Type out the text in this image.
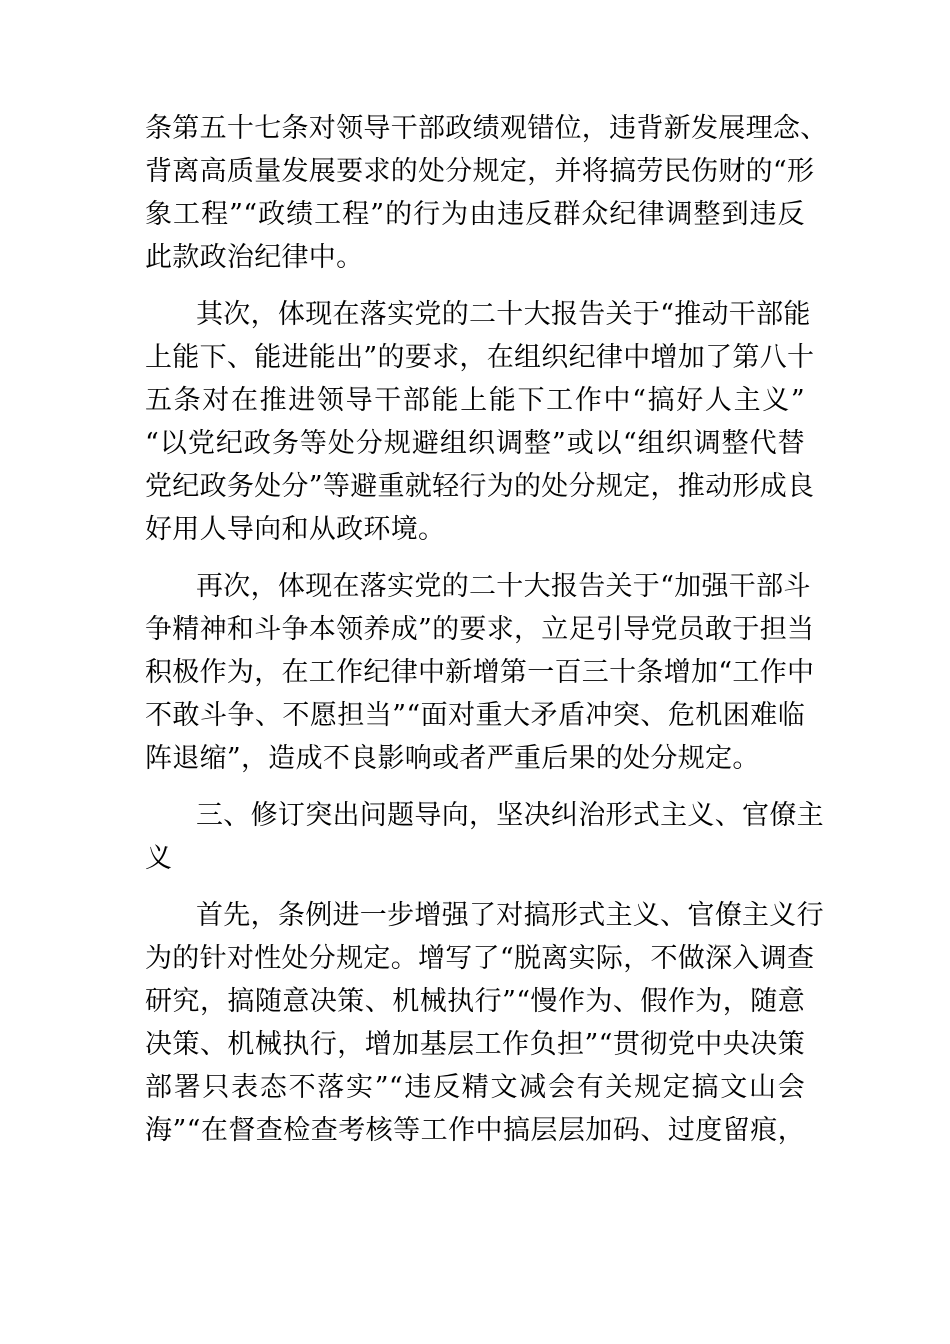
条第五十七条对领导干部政绩观错位，违背新发展理念、
背离高质量发展要求的处分规定，并将搞劳民伤财的“形
象工程”“政绩工程”的行为由违反群众纪律调整到违反
此款政治纪律中。
其次，体现在落实党的二十大报告关于“推动干部能
上能下、能进能出”的要求，在组织纪律中增加了第八十
五条对在推进领导干部能上能下工作中“搞好人主义”
“以党纪政务等处分规避组织调整”或以“组织调整代替
党纪政务处分”等避重就轻行为的处分规定，推动形成良
好用人导向和从政环境。
再次，体现在落实党的二十大报告关于“加强干部斗
争精神和斗争本领养成”的要求，立足引导党员敢于担当
积极作为，在工作纪律中新增第一百三十条增加“工作中
不敢斗争、不愿担当”“面对重大矛盾冲突、危机困难临
阵退缩”，造成不良影响或者严重后果的处分规定。
三、修订突出问题导向，坚决纠治形式主义、官僚主
义
首先，条例进一步增强了对搞形式主义、官僚主义行
为的针对性处分规定。增写了“脱离实际，不做深入调查
研究，搞随意决策、机械执行”“慢作为、假作为，随意
决策、机械执行，增加基层工作负担”“贯彻党中央决策
部署只表态不落实”“违反精文减会有关规定搞文山会
海”“在督查检查考核等工作中搞层层加码、过度留痕，
